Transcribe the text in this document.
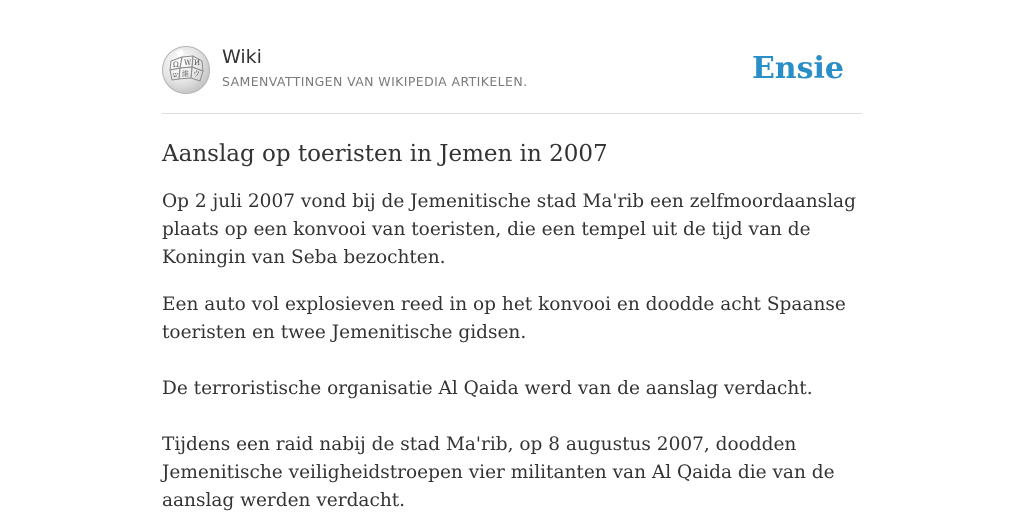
W
Ω И
維 ウ
ש
Wiki
SAMENVATTINGEN VAN WIKIPEDIA ARTIKELEN.	Ensie
Aanslag op toeristen in Jemen in 2007

Op 2 juli 2007 vond bij de Jemenitische stad Ma'rib een zelfmoordaanslag plaats op een konvooi van toeristen, die een tempel uit de tijd van de Koningin van Seba bezochten.

Een auto vol explosieven reed in op het konvooi en doodde acht Spaanse toeristen en twee Jemenitische gidsen.

De terroristische organisatie Al Qaida werd van de aanslag verdacht.

Tijdens een raid nabij de stad Ma'rib, op 8 augustus 2007, doodden Jemenitische veiligheidstroepen vier militanten van Al Qaida die van de aanslag werden verdacht.
